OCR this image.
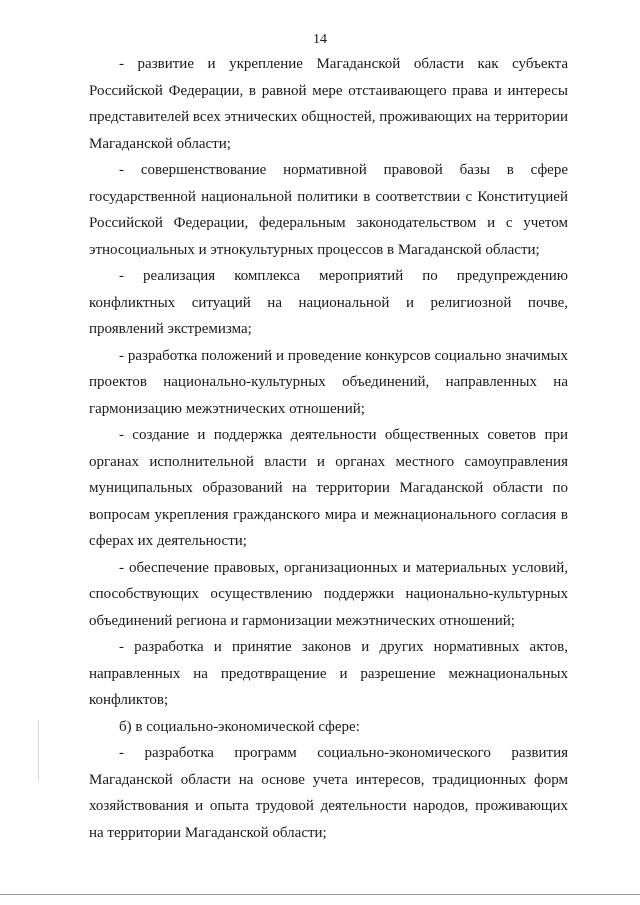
14

- развитие и укрепление Магаданской области как субъекта Российской Федерации, в равной мере отстаивающего права и интересы представителей всех этнических общностей, проживающих на территории Магаданской области;

- совершенствование нормативной правовой базы в сфере государственной национальной политики в соответствии с Конституцией Российской Федерации, федеральным законодательством и с учетом этносоциальных и этнокультурных процессов в Магаданской области;

- реализация комплекса мероприятий по предупреждению конфликтных ситуаций на национальной и религиозной почве, проявлений экстремизма;

- разработка положений и проведение конкурсов социально значимых проектов национально-культурных объединений, направленных на гармонизацию межэтнических отношений;

- создание и поддержка деятельности общественных советов при органах исполнительной власти и органах местного самоуправления муниципальных образований на территории Магаданской области по вопросам укрепления гражданского мира и межнационального согласия в сферах их деятельности;

- обеспечение правовых, организационных и материальных условий, способствующих осуществлению поддержки национально-культурных объединений региона и гармонизации межэтнических отношений;

- разработка и принятие законов и других нормативных актов, направленных на предотвращение и разрешение межнациональных конфликтов;

б) в социально-экономической сфере:

- разработка программ социально-экономического развития Магаданской области на основе учета интересов, традиционных форм хозяйствования и опыта трудовой деятельности народов, проживающих на территории Магаданской области;
